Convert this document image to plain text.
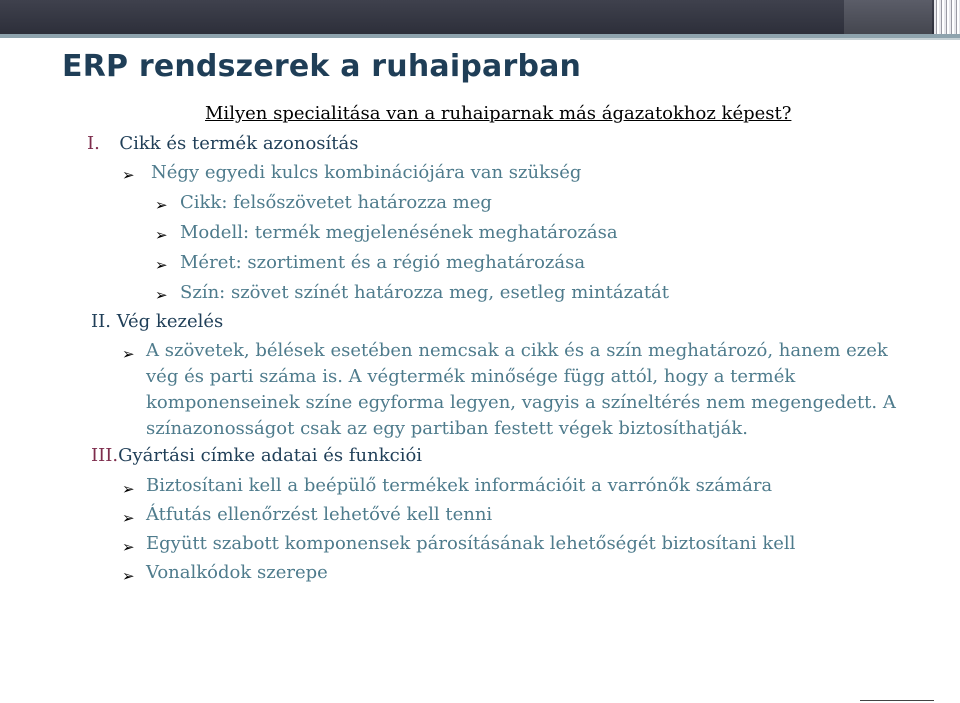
ERP rendszerek a ruhaiparban
Milyen specialitása van a ruhaiparnak más ágazatokhoz képest?
I. Cikk és termék azonosítás
➢ Négy egyedi kulcs kombinációjára van szükség
➢ Cikk: felsőszövetet határozza meg
➢ Modell: termék megjelenésének meghatározása
➢ Méret: szortiment és a régió meghatározása
➢ Szín: szövet színét határozza meg, esetleg mintázatát
II. Vég kezelés
➢ A szövetek, bélések esetében nemcsak a cikk és a szín meghatározó, hanem ezek
vég és parti száma is. A végtermék minősége függ attól, hogy a termék
komponenseinek színe egyforma legyen, vagyis a színeltérés nem megengedett. A
színazonosságot csak az egy partiban festett végek biztosíthatják.
III.Gyártási címke adatai és funkciói
➢ Biztosítani kell a beépülő termékek információit a varrónők számára
➢ Átfutás ellenőrzést lehetővé kell tenni
➢ Együtt szabott komponensek párosításának lehetőségét biztosítani kell
➢ Vonalkódok szerepe
